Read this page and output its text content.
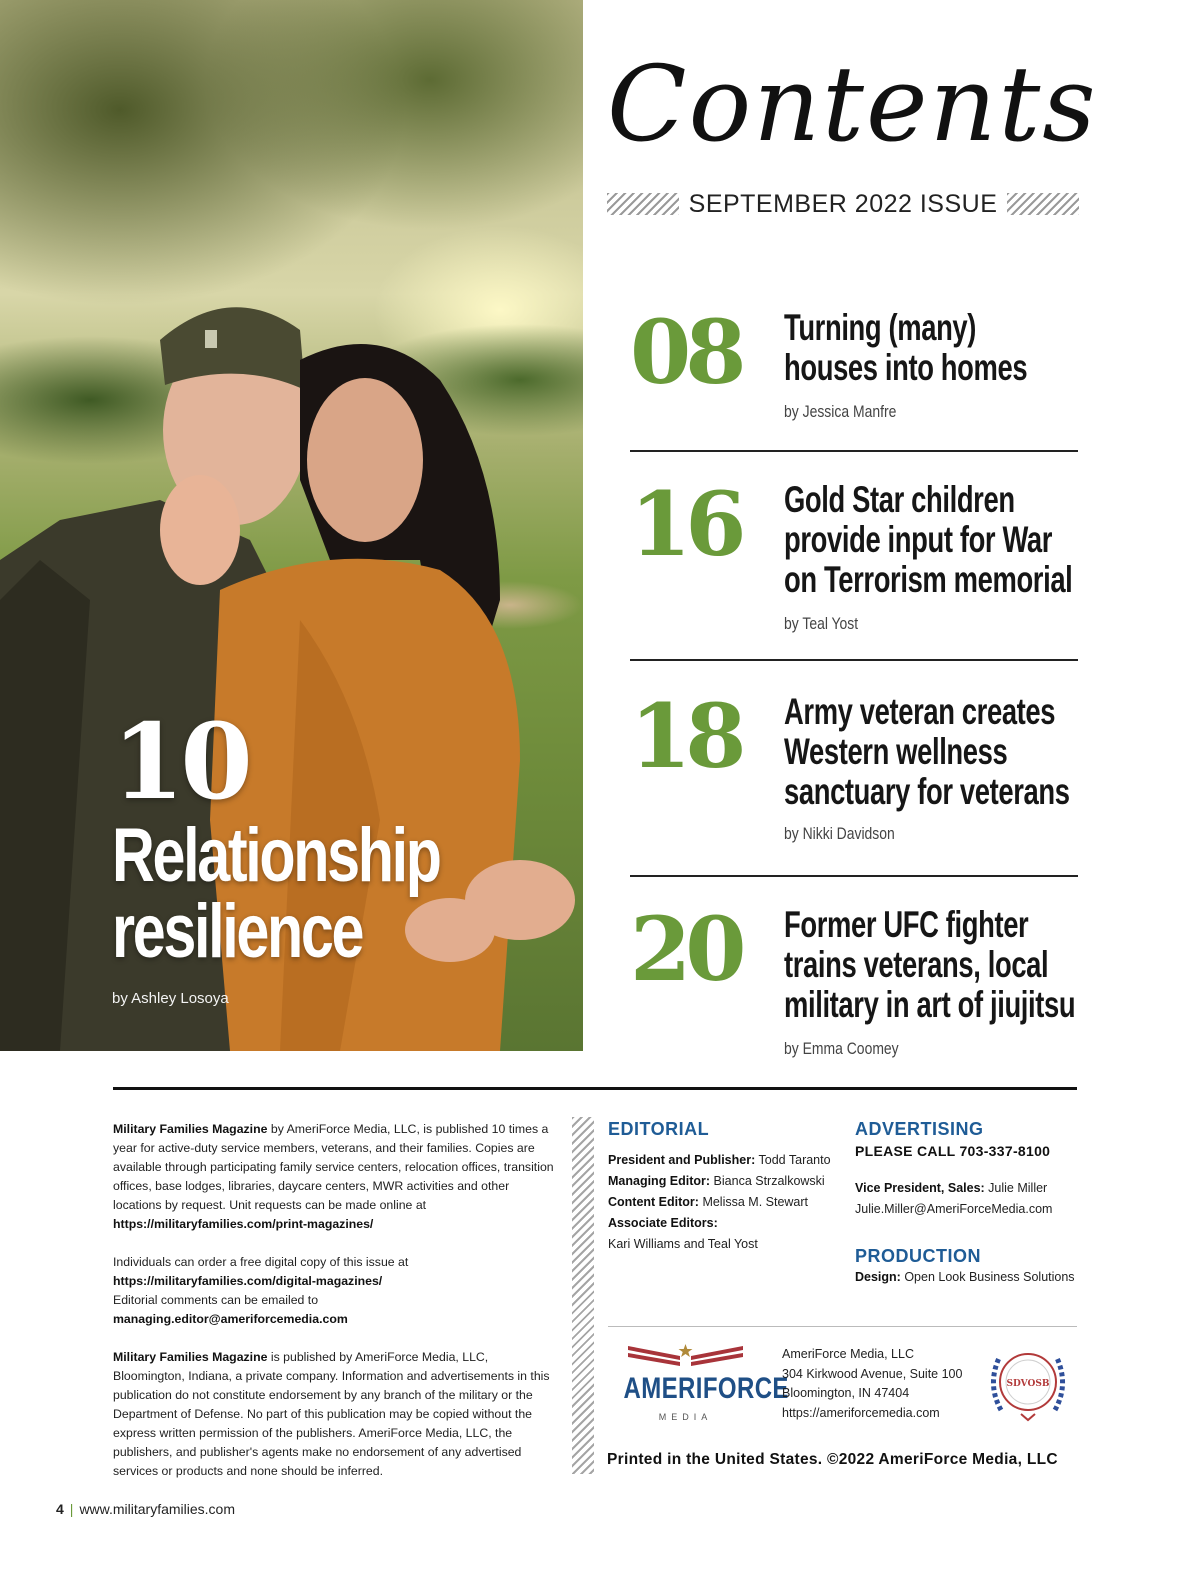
10
Relationship
resilience
by Ashley Losoya
Contents
SEPTEMBER 2022 ISSUE
08 Turning (many) houses into homes
by Jessica Manfre
16 Gold Star children provide input for War on Terrorism memorial
by Teal Yost
18 Army veteran creates Western wellness sanctuary for veterans
by Nikki Davidson
20 Former UFC fighter trains veterans, local military in art of jiujitsu
by Emma Coomey

Military Families Magazine by AmeriForce Media, LLC, is published 10 times a year for active-duty service members, veterans, and their families. Copies are available through participating family service centers, relocation offices, transition offices, base lodges, libraries, daycare centers, MWR activities and other locations by request. Unit requests can be made online at https://militaryfamilies.com/print-magazines/

Individuals can order a free digital copy of this issue at
https://militaryfamilies.com/digital-magazines/
Editorial comments can be emailed to
managing.editor@ameriforcemedia.com

Military Families Magazine is published by AmeriForce Media, LLC, Bloomington, Indiana, a private company. Information and advertisements in this publication do not constitute endorsement by any branch of the military or the Department of Defense. No part of this publication may be copied without the express written permission of the publishers. AmeriForce Media, LLC, the publishers, and publisher's agents make no endorsement of any advertised services or products and none should be inferred.

EDITORIAL
President and Publisher: Todd Taranto
Managing Editor: Bianca Strzalkowski
Content Editor: Melissa M. Stewart
Associate Editors:
Kari Williams and Teal Yost
ADVERTISING
PLEASE CALL 703-337-8100
Vice President, Sales: Julie Miller
Julie.Miller@AmeriForceMedia.com
PRODUCTION
Design: Open Look Business Solutions
AMERIFORCE
MEDIA
AmeriForce Media, LLC
304 Kirkwood Avenue, Suite 100
Bloomington, IN 47404
https://ameriforcemedia.com
SDVOSB
Printed in the United States. ©2022 AmeriForce Media, LLC
4 | www.militaryfamilies.com
